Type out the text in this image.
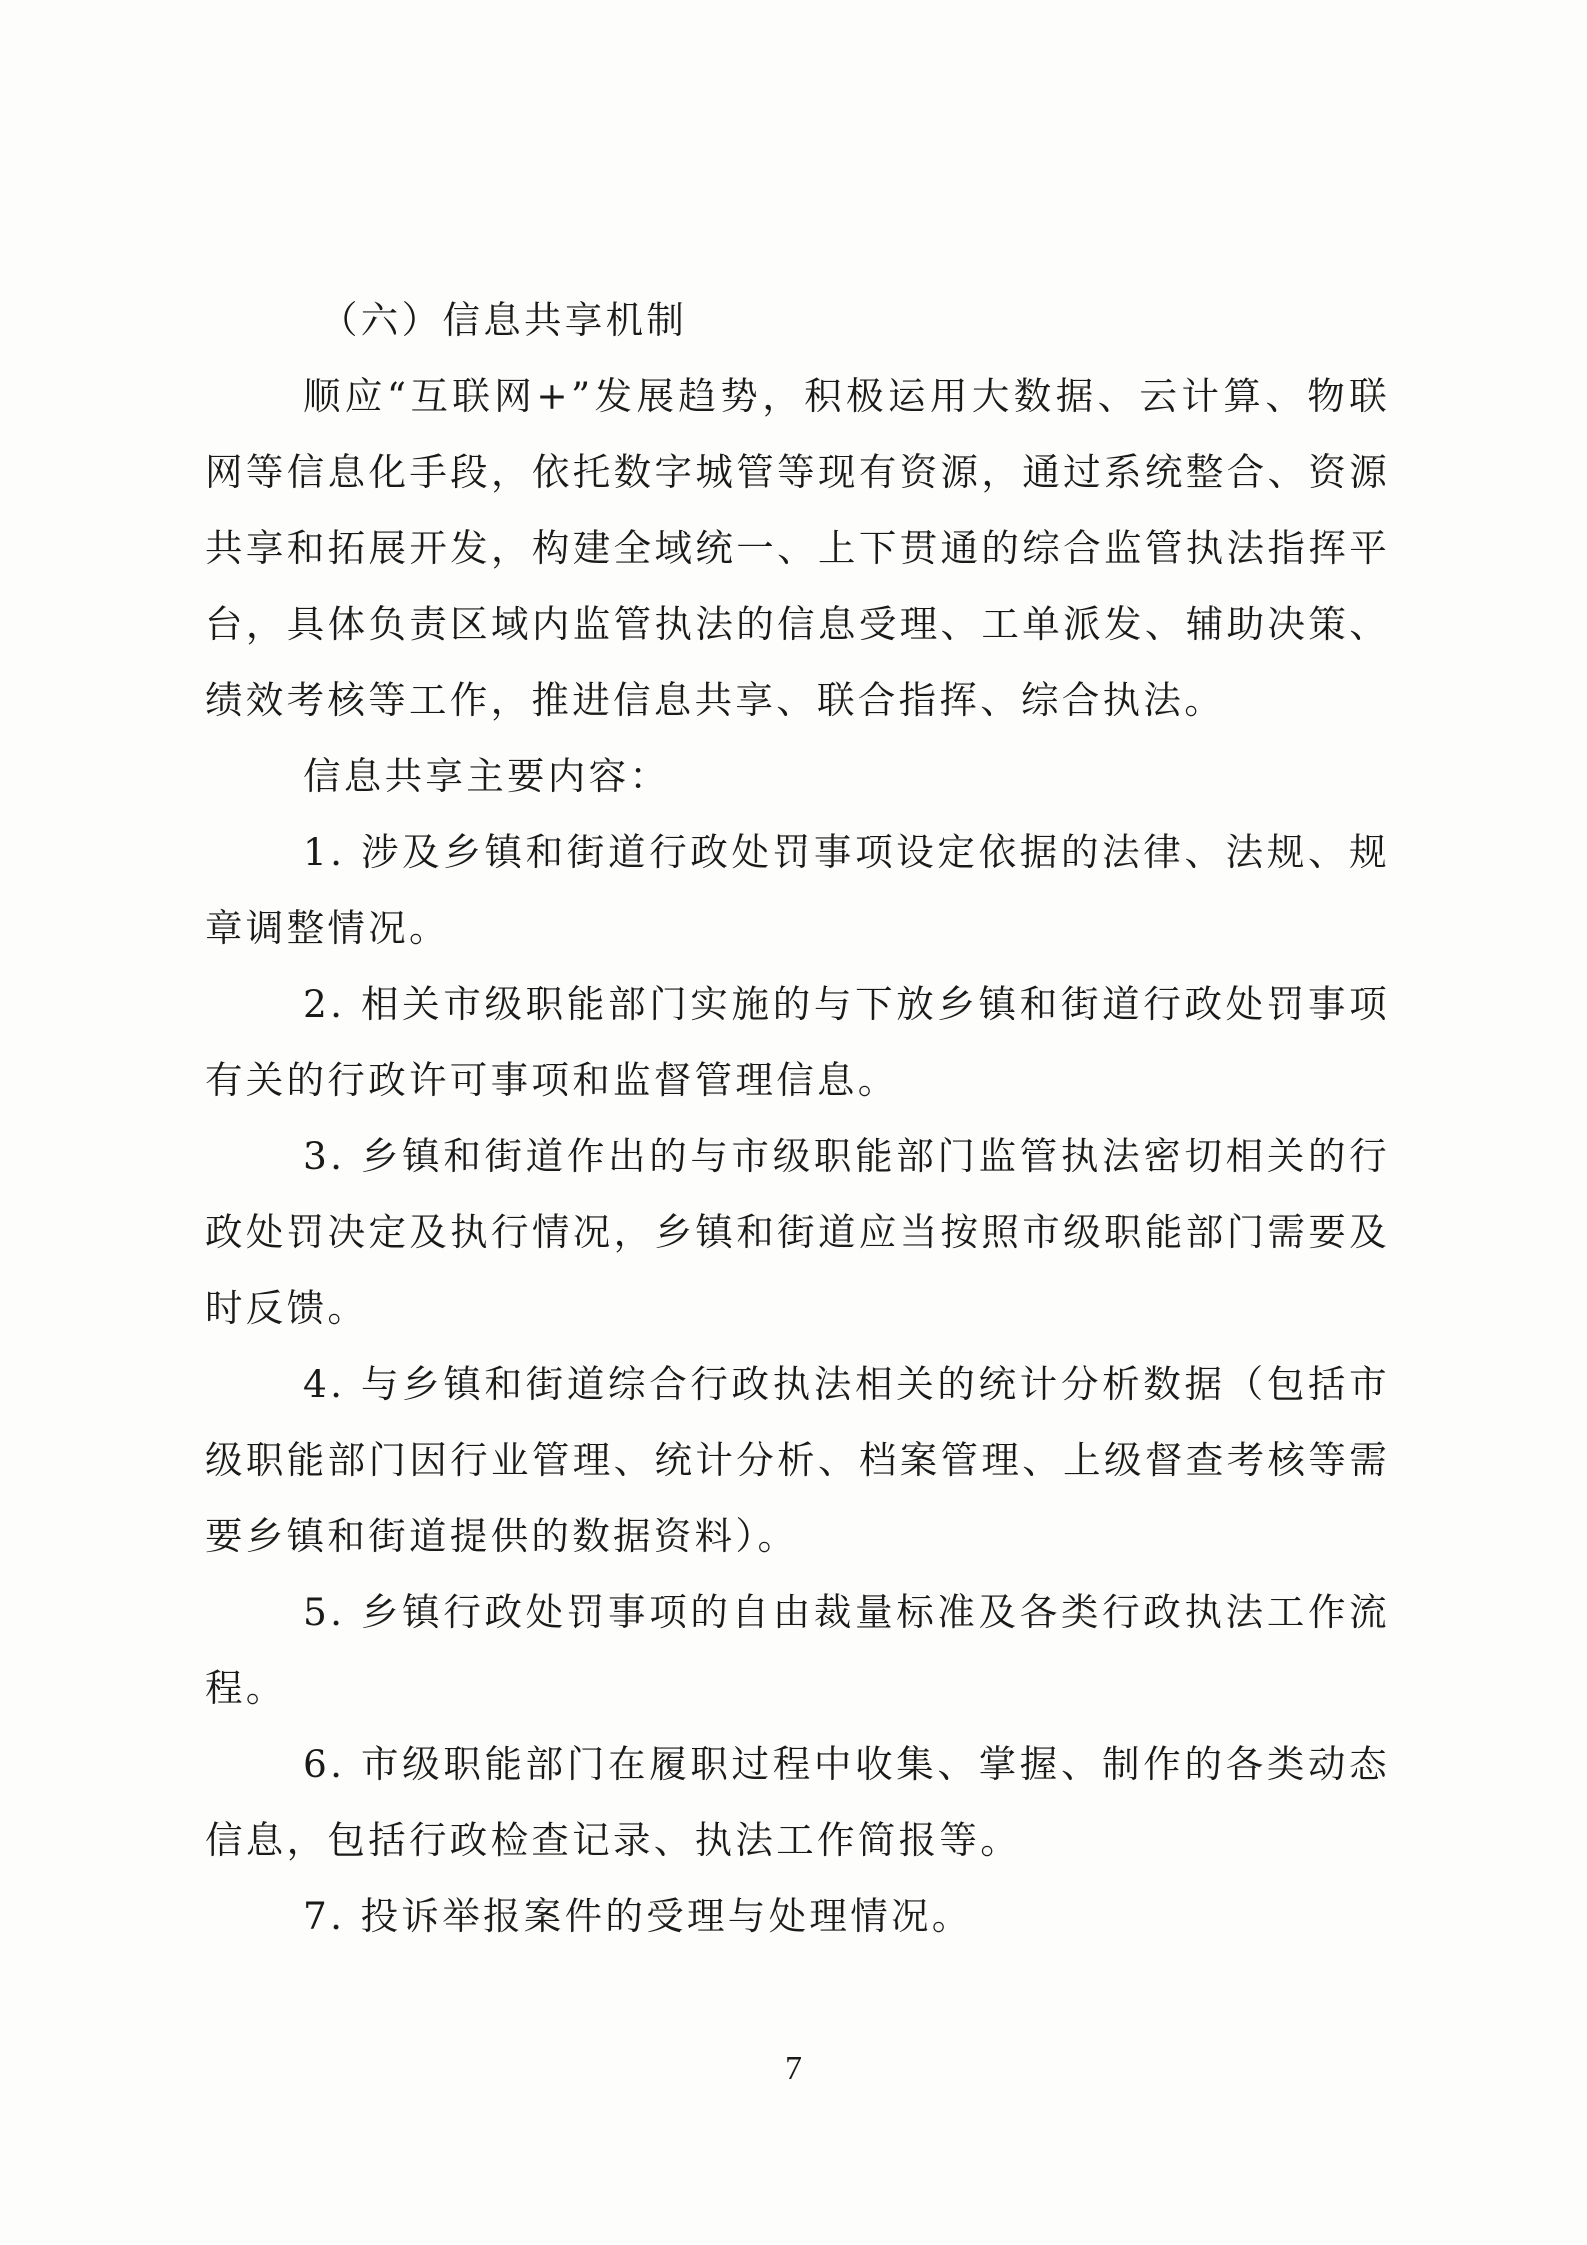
（六）信息共享机制

顺应“互联网+”发展趋势，积极运用大数据、云计算、物联网等信息化手段，依托数字城管等现有资源，通过系统整合、资源共享和拓展开发，构建全域统一、上下贯通的综合监管执法指挥平台，具体负责区域内监管执法的信息受理、工单派发、辅助决策、绩效考核等工作，推进信息共享、联合指挥、综合执法。

信息共享主要内容：

1. 涉及乡镇和街道行政处罚事项设定依据的法律、法规、规章调整情况。

2. 相关市级职能部门实施的与下放乡镇和街道行政处罚事项有关的行政许可事项和监督管理信息。

3. 乡镇和街道作出的与市级职能部门监管执法密切相关的行政处罚决定及执行情况，乡镇和街道应当按照市级职能部门需要及时反馈。

4. 与乡镇和街道综合行政执法相关的统计分析数据（包括市级职能部门因行业管理、统计分析、档案管理、上级督查考核等需要乡镇和街道提供的数据资料）。

5. 乡镇行政处罚事项的自由裁量标准及各类行政执法工作流程。

6. 市级职能部门在履职过程中收集、掌握、制作的各类动态信息，包括行政检查记录、执法工作简报等。

7. 投诉举报案件的受理与处理情况。

7
